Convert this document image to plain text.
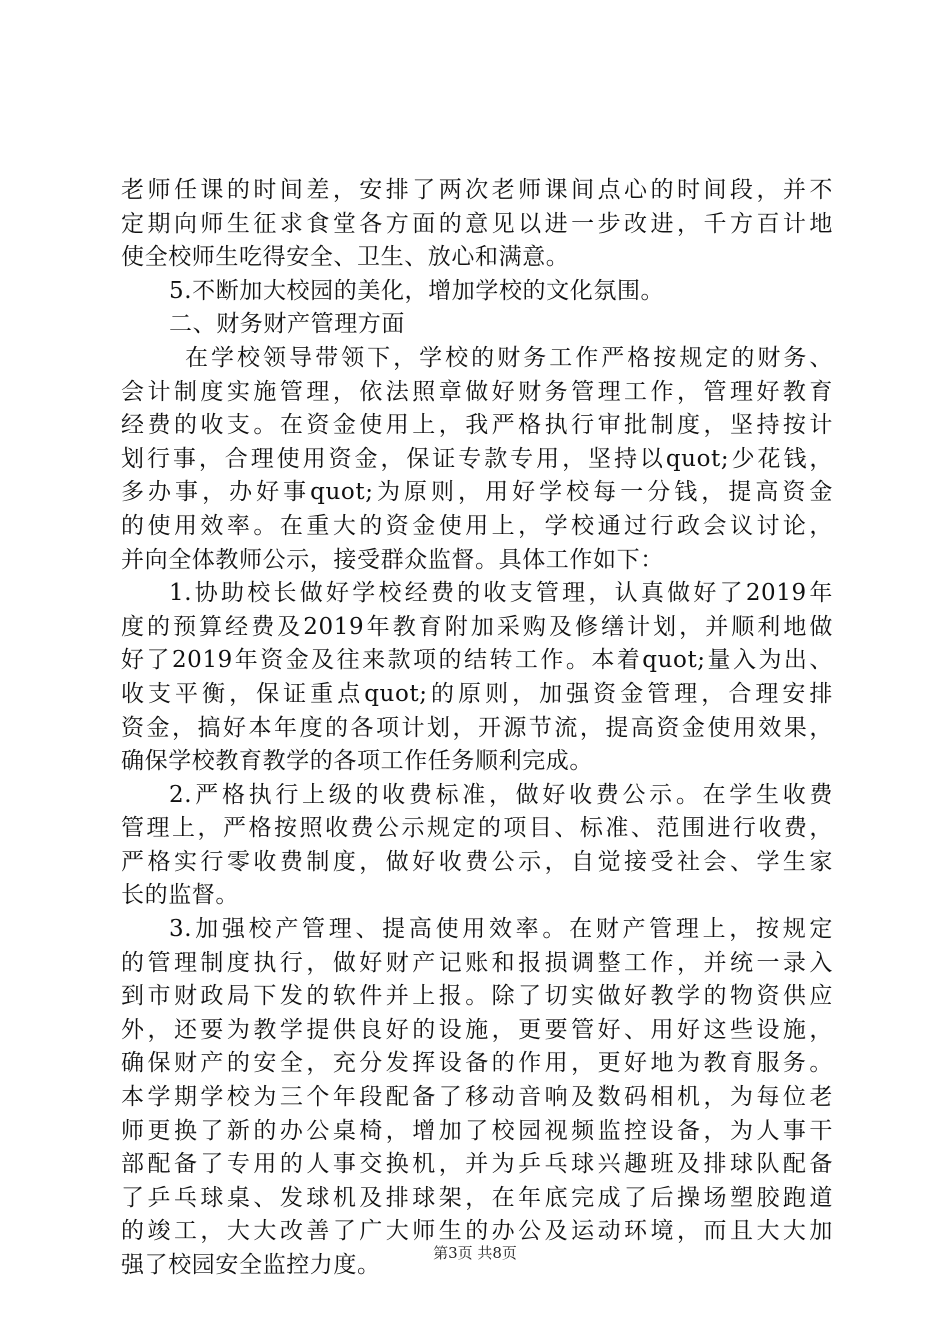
老师任课的时间差，安排了两次老师课间点心的时间段，并不
定期向师生征求食堂各方面的意见以进一步改进，千方百计地
使全校师生吃得安全、卫生、放心和满意。
5.不断加大校园的美化，增加学校的文化氛围。
二、财务财产管理方面
在学校领导带领下，学校的财务工作严格按规定的财务、
会计制度实施管理，依法照章做好财务管理工作，管理好教育
经费的收支。在资金使用上，我严格执行审批制度，坚持按计
划行事，合理使用资金，保证专款专用，坚持以quot;少花钱，
多办事，办好事quot;为原则，用好学校每一分钱，提高资金
的使用效率。在重大的资金使用上，学校通过行政会议讨论，
并向全体教师公示，接受群众监督。具体工作如下：
1.协助校长做好学校经费的收支管理，认真做好了2019年
度的预算经费及2019年教育附加采购及修缮计划，并顺利地做
好了2019年资金及往来款项的结转工作。本着quot;量入为出、
收支平衡，保证重点quot;的原则，加强资金管理，合理安排
资金，搞好本年度的各项计划，开源节流，提高资金使用效果，
确保学校教育教学的各项工作任务顺利完成。
2.严格执行上级的收费标准，做好收费公示。在学生收费
管理上，严格按照收费公示规定的项目、标准、范围进行收费，
严格实行零收费制度，做好收费公示，自觉接受社会、学生家
长的监督。
3.加强校产管理、提高使用效率。在财产管理上，按规定
的管理制度执行，做好财产记账和报损调整工作，并统一录入
到市财政局下发的软件并上报。除了切实做好教学的物资供应
外，还要为教学提供良好的设施，更要管好、用好这些设施，
确保财产的安全，充分发挥设备的作用，更好地为教育服务。
本学期学校为三个年段配备了移动音响及数码相机，为每位老
师更换了新的办公桌椅，增加了校园视频监控设备，为人事干
部配备了专用的人事交换机，并为乒乓球兴趣班及排球队配备
了乒乓球桌、发球机及排球架，在年底完成了后操场塑胶跑道
的竣工，大大改善了广大师生的办公及运动环境，而且大大加
强了校园安全监控力度。	第3页 共8页
